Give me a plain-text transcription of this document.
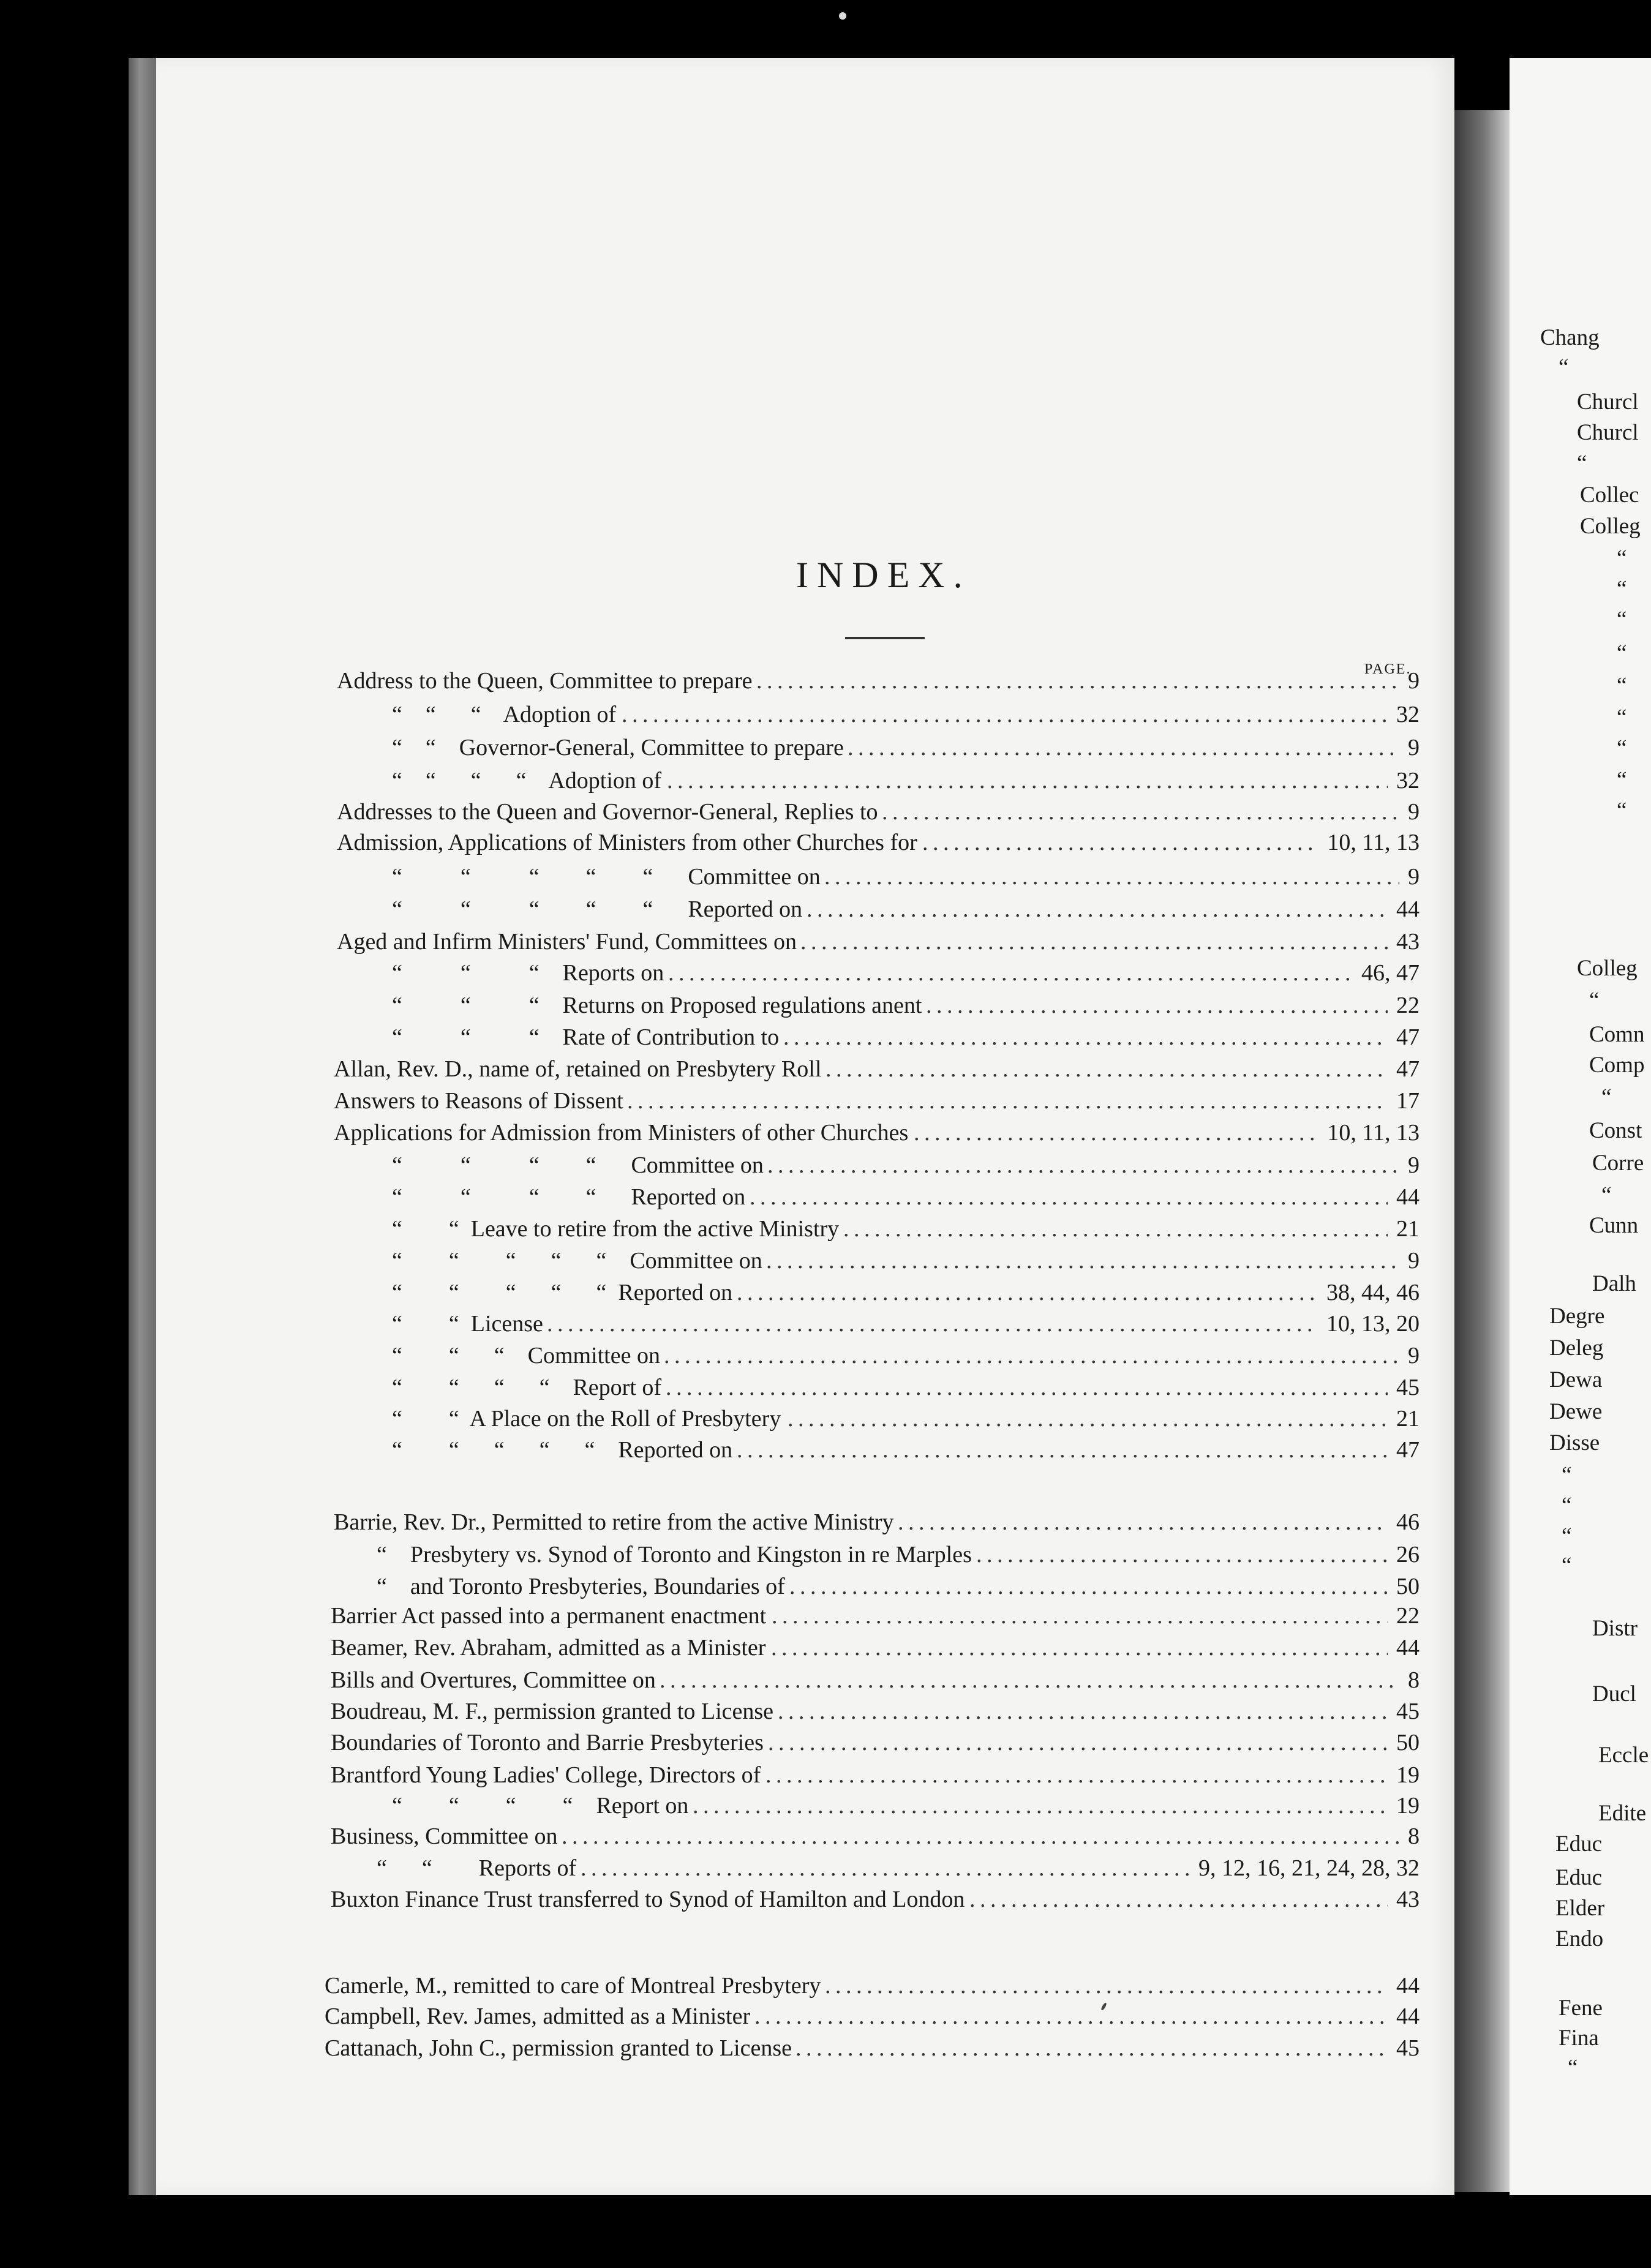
Chang
“
Churcl
Churcl
“
Collec
Colleg
“
“
“
“
“
“
“
“
“
Colleg
“
Comn
Comp
“
Const
Corre
“
Cunn
Dalh
Degre
Deleg
Dewa
Dewe
Disse
“
“
“
“
Distr
Ducl
Eccle
Edite
Educ
Educ
Elder
Endo
Fene
Fina
“
INDEX.
PAGE.
Address to the Queen, Committee to prepare . . .	9
“    “      “    Adoption of . . .	32
“    “    Governor-General, Committee to prepare . . .	9
“    “      “      “    Adoption of . . .	32
Addresses to the Queen and Governor-General, Replies to . . .	9
Admission, Applications of Ministers from other Churches for . . .	10, 11, 13
“          “          “        “        “      Committee on . . .	9
“          “          “        “        “      Reported on . . .	44
Aged and Infirm Ministers' Fund, Committees on . . .	43
“          “          “    Reports on . . .	46, 47
“          “          “    Returns on Proposed regulations anent . . .	22
“          “          “    Rate of Contribution to . . .	47
Allan, Rev. D., name of, retained on Presbytery Roll . . .	47
Answers to Reasons of Dissent . . .	17
Applications for Admission from Ministers of other Churches . . .	10, 11, 13
“          “          “        “      Committee on . . .	9
“          “          “        “      Reported on . . .	44
“        “  Leave to retire from the active Ministry . . .	21
“        “        “      “      “    Committee on . . .	9
“        “        “      “      “  Reported on . . .	38, 44, 46
“        “  License . . .	10, 13, 20
“        “      “    Committee on . . .	9
“        “      “      “    Report of . . .	45
“        “  A Place on the Roll of Presbytery . . .	21
“        “      “      “      “    Reported on . . .	47
Barrie, Rev. Dr., Permitted to retire from the active Ministry . . .	46
“    Presbytery vs. Synod of Toronto and Kingston in re Marples . . .	26
“    and Toronto Presbyteries, Boundaries of . . .	50
Barrier Act passed into a permanent enactment . . .	22
Beamer, Rev. Abraham, admitted as a Minister . . .	44
Bills and Overtures, Committee on . . .	8
Boudreau, M. F., permission granted to License . . .	45
Boundaries of Toronto and Barrie Presbyteries . . .	50
Brantford Young Ladies' College, Directors of . . .	19
“        “        “        “    Report on . . .	19
Business, Committee on . . .	8
“      “        Reports of . . .	9, 12, 16, 21, 24, 28, 32
Buxton Finance Trust transferred to Synod of Hamilton and London . . .	43
Camerle, M., remitted to care of Montreal Presbytery . . .	44
Campbell, Rev. James, admitted as a Minister . . .	44
Cattanach, John C., permission granted to License . . .	45
